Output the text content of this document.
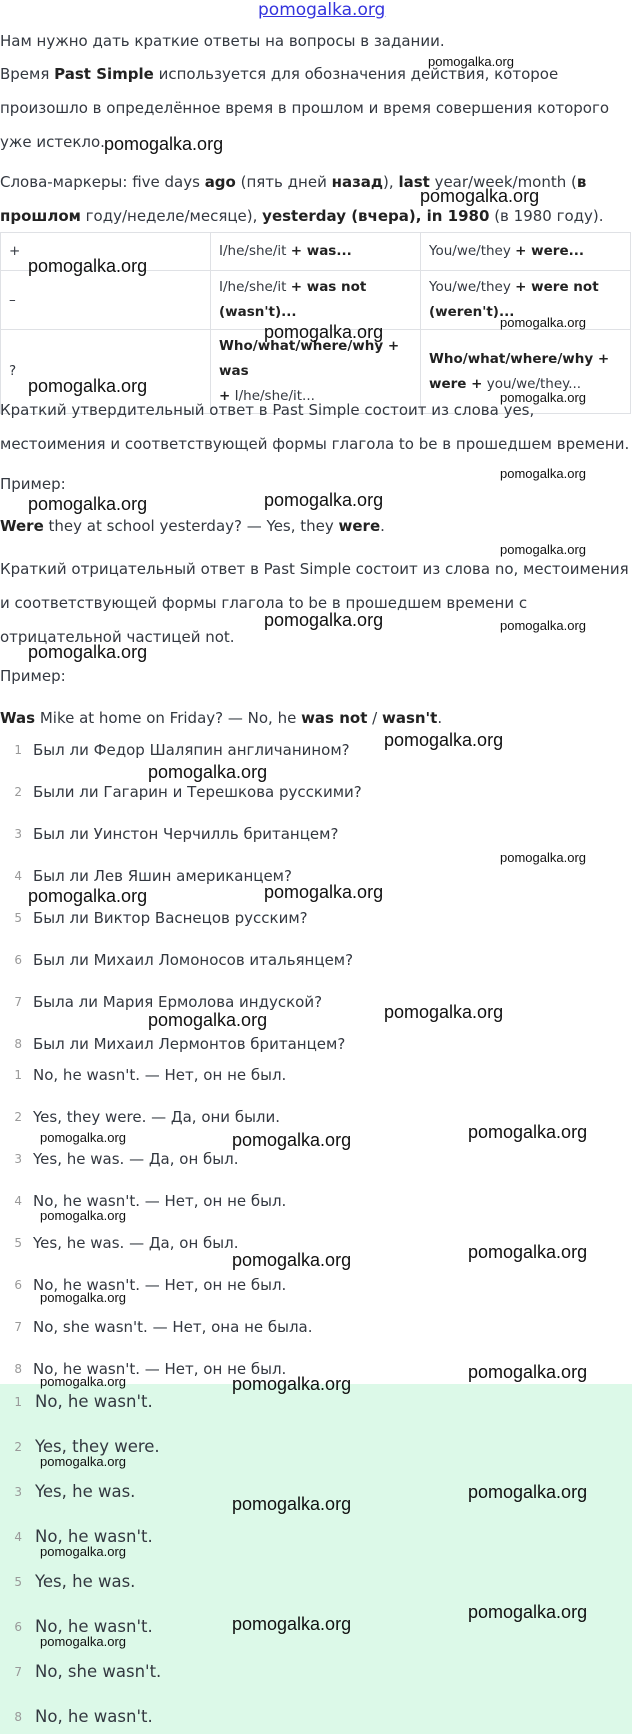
pomogalka.org
Нам нужно дать краткие ответы на вопросы в задании.
Время Past Simple используется для обозначения действия, которое
произошло в определённое время в прошлом и время совершения которого
уже истекло.
Слова-маркеры: five days ago (пять дней назад), last year/week/month (в
прошлом году/неделе/месяце), yesterday (вчера), in 1980 (в 1980 году).
+	I/he/she/it + was...	You/we/they + were...
–	I/he/she/it + was not
(wasn't)...	You/we/they + were not
(weren't)...
?	Who/what/where/why + was
+ I/he/she/it...	Who/what/where/why +
were + you/we/they...
Краткий утвердительный ответ в Past Simple состоит из слова yes,
местоимения и соответствующей формы глагола to be в прошедшем времени.
Пример:
Were they at school yesterday? — Yes, they were.
Краткий отрицательный ответ в Past Simple состоит из слова no, местоимения
и соответствующей формы глагола to be в прошедшем времени с
отрицательной частицей not.
Пример:
Was Mike at home on Friday? — No, he was not / wasn't.
1 Был ли Федор Шаляпин англичанином?
2 Были ли Гагарин и Терешкова русскими?
3 Был ли Уинстон Черчилль британцем?
4 Был ли Лев Яшин американцем?
5 Был ли Виктор Васнецов русским?
6 Был ли Михаил Ломоносов итальянцем?
7 Была ли Мария Ермолова индуской?
8 Был ли Михаил Лермонтов британцем?
1 No, he wasn't. — Нет, он не был.
2 Yes, they were. — Да, они были.
3 Yes, he was. — Да, он был.
4 No, he wasn't. — Нет, он не был.
5 Yes, he was. — Да, он был.
6 No, he wasn't. — Нет, он не был.
7 No, she wasn't. — Нет, она не была.
8 No, he wasn't. — Нет, он не был.
1 No, he wasn't.
2 Yes, they were.
3 Yes, he was.
4 No, he wasn't.
5 Yes, he was.
6 No, he wasn't.
7 No, she wasn't.
8 No, he wasn't.
pomogalka.org
pomogalka.org
pomogalka.org
pomogalka.org
pomogalka.org
pomogalka.org
pomogalka.org
pomogalka.org
pomogalka.org
pomogalka.org
pomogalka.org
pomogalka.org
pomogalka.org	pomogalka.org
pomogalka.org
pomogalka.org
pomogalka.org
pomogalka.org
pomogalka.org
pomogalka.org
pomogalka.org
pomogalka.org
pomogalka.org	pomogalka.org
pomogalka.org
pomogalka.org
pomogalka.org
pomogalka.org	pomogalka.org
pomogalka.org	pomogalka.org
pomogalka.org
pomogalka.org
pomogalka.org
pomogalka.org
pomogalka.org
pomogalka.org
pomogalka.org
pomogalka.org
